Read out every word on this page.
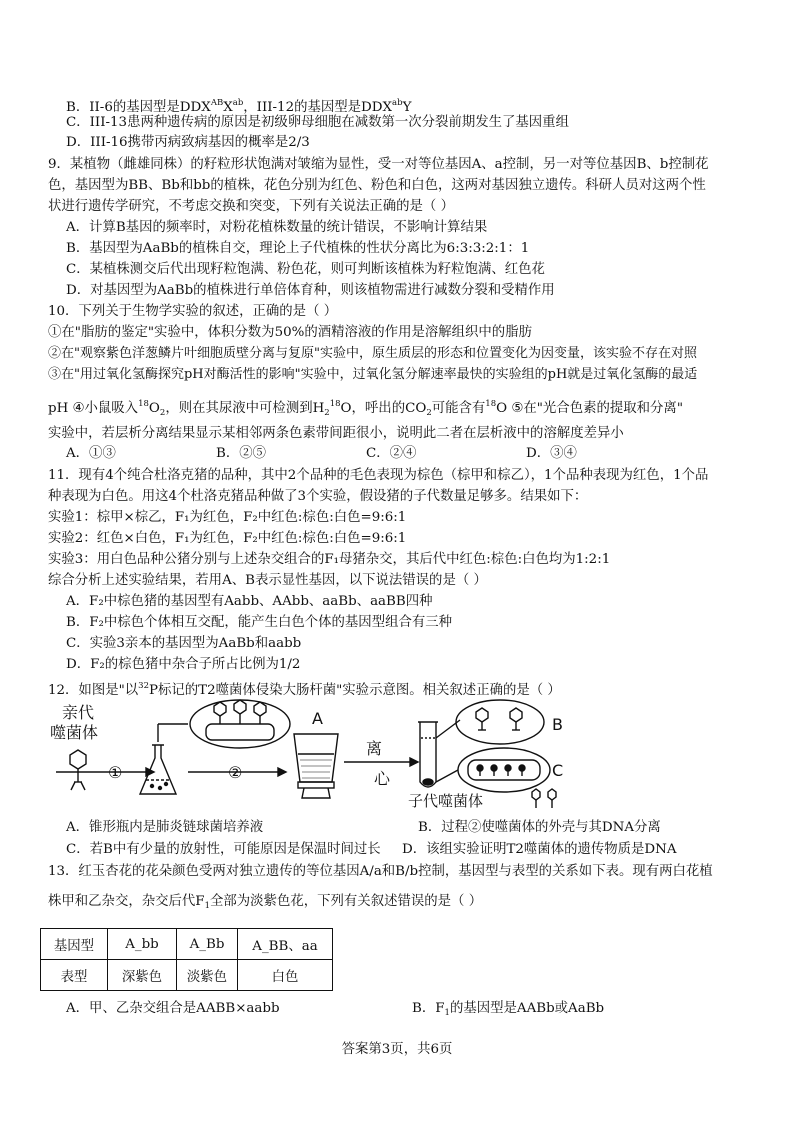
B．II-6的基因型是$DDX^{AB}X^{ab}$，III-12的基因型是$DDX^{ab}Y$
C．III-13患两种遗传病的原因是初级卵母细胞在减数第一次分裂前期发生了基因重组
D．III-16携带丙病致病基因的概率是2/3
9．某植物（雌雄同株）的籽粒形状饱满对皱缩为显性，受一对等位基因A、a控制，另一对等位基因B、b控制花
色，基因型为BB、Bb和bb的植株，花色分别为红色、粉色和白色，这两对基因独立遗传。科研人员对这两个性
状进行遗传学研究，不考虑交换和突变，下列有关说法正确的是（ ）
A．计算B基因的频率时，对粉花植株数量的统计错误，不影响计算结果
B．基因型为AaBb的植株自交，理论上子代植株的性状分离比为6:3:3:2:1：1
C．某植株测交后代出现籽粒饱满、粉色花，则可判断该植株为籽粒饱满、红色花
D．对基因型为AaBb的植株进行单倍体育种，则该植物需进行减数分裂和受精作用
10．下列关于生物学实验的叙述，正确的是（ ）
①在"脂肪的鉴定"实验中，体积分数为50%的酒精溶液的作用是溶解组织中的脂肪
②在"观察紫色洋葱鳞片叶细胞质壁分离与复原"实验中，原生质层的形态和位置变化为因变量，该实验不存在对照
③在"用过氧化氢酶探究pH对酶活性的影响"实验中，过氧化氢分解速率最快的实验组的pH就是过氧化氢酶的最适
pH ④小鼠吸入$^{18}O_2$，则在其尿液中可检测到$H_2^{18}O$，呼出的$CO_2$可能含有$^{18}$O ⑤在"光合色素的提取和分离"
实验中，若层析分离结果显示某相邻两条色素带间距很小，说明此二者在层析液中的溶解度差异小
A．①③	B．②⑤	C．②④	D．③④
11．现有4个纯合杜洛克猪的品种，其中2个品种的毛色表现为棕色（棕甲和棕乙），1个品种表现为红色，1个品
种表现为白色。用这4个杜洛克猪品种做了3个实验，假设猪的子代数量足够多。结果如下：
实验1：棕甲×棕乙，F₁为红色，F₂中红色:棕色:白色=9:6:1
实验2：红色×白色，F₁为红色，F₂中红色:棕色:白色=9:6:1
实验3：用白色品种公猪分别与上述杂交组合的F₁母猪杂交，其后代中红色:棕色:白色均为1:2:1
综合分析上述实验结果，若用A、B表示显性基因，以下说法错误的是（ ）
A．F₂中棕色猪的基因型有Aabb、AAbb、aaBb、aaBB四种
B．F₂中棕色个体相互交配，能产生白色个体的基因型组合有三种
C．实验3亲本的基因型为AaBb和aabb
D．F₂的棕色猪中杂合子所占比例为1/2
12．如图是"以$^{32}$P标记的T2噬菌体侵染大肠杆菌"实验示意图。相关叙述正确的是（ ）
亲代
噬菌体
①	②
A
离
心
B
C
子代噬菌体
A．锥形瓶内是肺炎链球菌培养液	B．过程②使噬菌体的外壳与其DNA分离
C．若B中有少量的放射性，可能原因是保温时间过长 D．该组实验证明T2噬菌体的遗传物质是DNA
13．红玉杏花的花朵颜色受两对独立遗传的等位基因A/a和B/b控制，基因型与表型的关系如下表。现有两白花植
株甲和乙杂交，杂交后代$F_1$全部为淡紫色花，下列有关叙述错误的是（ ）
基因型	A_bb	A_Bb	A_BB、aa
表型	深紫色	淡紫色	白色
A．甲、乙杂交组合是AABB×aabb	B．$F_1$的基因型是AABb或AaBb
答案第3页，共6页
